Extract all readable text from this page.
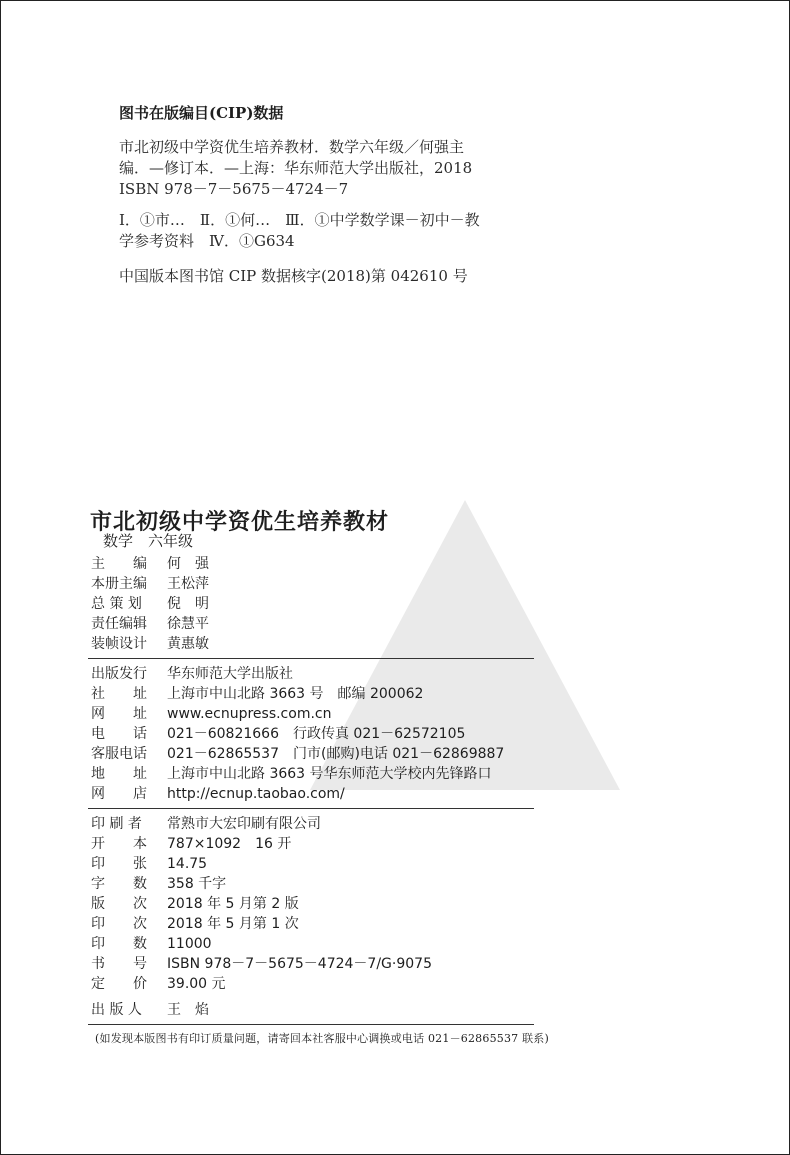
图书在版编目(CIP)数据
市北初级中学资优生培养教材．数学六年级／何强主
编．—修订本．—上海：华东师范大学出版社，2018
ISBN 978－7－5675－4724－7
Ⅰ．①市…　Ⅱ．①何…　Ⅲ．①中学数学课－初中－教
学参考资料　Ⅳ．①G634
中国版本图书馆 CIP 数据核字(2018)第 042610 号
市北初级中学资优生培养教材
数学　六年级
主　　编 何　强
本册主编 王松萍
总 策 划 倪　明
责任编辑 徐慧平
装帧设计 黄惠敏
出版发行 华东师范大学出版社
社　　址 上海市中山北路 3663 号　邮编 200062
网　　址 www.ecnupress.com.cn
电　　话 021－60821666　行政传真 021－62572105
客服电话 021－62865537　门市(邮购)电话 021－62869887
地　　址 上海市中山北路 3663 号华东师范大学校内先锋路口
网　　店 http://ecnup.taobao.com/
印 刷 者 常熟市大宏印刷有限公司
开　　本 787×1092　16 开
印　　张 14.75
字　　数 358 千字
版　　次 2018 年 5 月第 2 版
印　　次 2018 年 5 月第 1 次
印　　数 11000
书　　号 ISBN 978－7－5675－4724－7/G·9075
定　　价 39.00 元
出 版 人 王　焰
(如发现本版图书有印订质量问题，请寄回本社客服中心调换或电话 021－62865537 联系)
